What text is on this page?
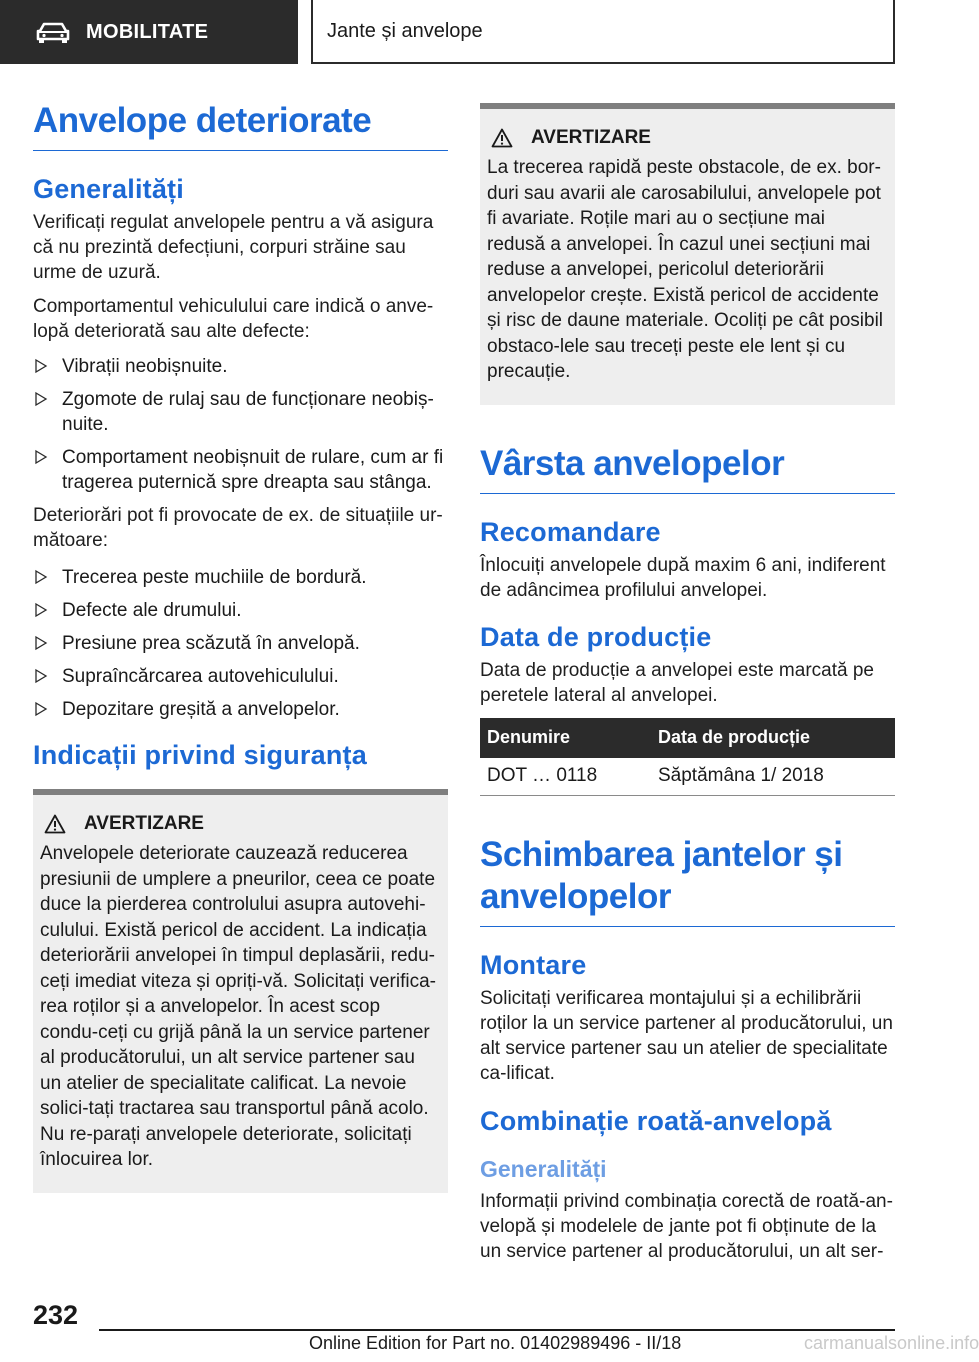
MOBILITATE	Jante și anvelope
Anvelope deteriorate
Generalități

Verificați regulat anvelopele pentru a vă asigura că nu prezintă defecțiuni, corpuri străine sau urme de uzură.

Comportamentul vehiculului care indică o anve-lopă deteriorată sau alte defecte:

Vibrații neobișnuite.
Zgomote de rulaj sau de funcționare neobiș-nuite.
Comportament neobișnuit de rulare, cum ar fi tragerea puternică spre dreapta sau stânga.

Deteriorări pot fi provocate de ex. de situațiile ur-mătoare:

Trecerea peste muchiile de bordură.
Defecte ale drumului.
Presiune prea scăzută în anvelopă.
Supraîncărcarea autovehiculului.
Depozitare greșită a anvelopelor.
Indicații privind siguranța
AVERTIZARE

Anvelopele deteriorate cauzează reducerea presiunii de umplere a pneurilor, ceea ce poate duce la pierderea controlului asupra autovehi-culului. Există pericol de accident. La indicația deteriorării anvelopei în timpul deplasării, redu-ceți imediat viteza și opriți-vă. Solicitați verifica-rea roților și a anvelopelor. În acest scop condu-ceți cu grijă până la un service partener al producătorului, un alt service partener sau un atelier de specialitate calificat. La nevoie solici-tați tractarea sau transportul până acolo. Nu re-parați anvelopele deteriorate, solicitați înlocuirea lor.

AVERTIZARE

La trecerea rapidă peste obstacole, de ex. bor-duri sau avarii ale carosabilului, anvelopele pot fi avariate. Roțile mari au o secțiune mai redusă a anvelopei. În cazul unei secțiuni mai reduse a anvelopei, pericolul deteriorării anvelopelor crește. Există pericol de accidente și risc de daune materiale. Ocoliți pe cât posibil obstaco-lele sau treceți peste ele lent și cu precauție.

Vârsta anvelopelor
Recomandare

Înlocuiți anvelopele după maxim 6 ani, indiferent de adâncimea profilului anvelopei.

Data de producție

Data de producție a anvelopei este marcată pe peretele lateral al anvelopei.

Denumire	Data de producție
DOT … 0118	Săptămâna 1/ 2018
Schimbarea jantelor și anvelopelor
Montare

Solicitați verificarea montajului și a echilibrării roților la un service partener al producătorului, un alt service partener sau un atelier de specialitate ca-lificat.

Combinație roată-anvelopă
Generalități

Informații privind combinația corectă de roată-an-velopă și modelele de jante pot fi obținute de la un service partener al producătorului, un alt ser-

232
Online Edition for Part no. 01402989496 - II/18	carmanualsonline.info
